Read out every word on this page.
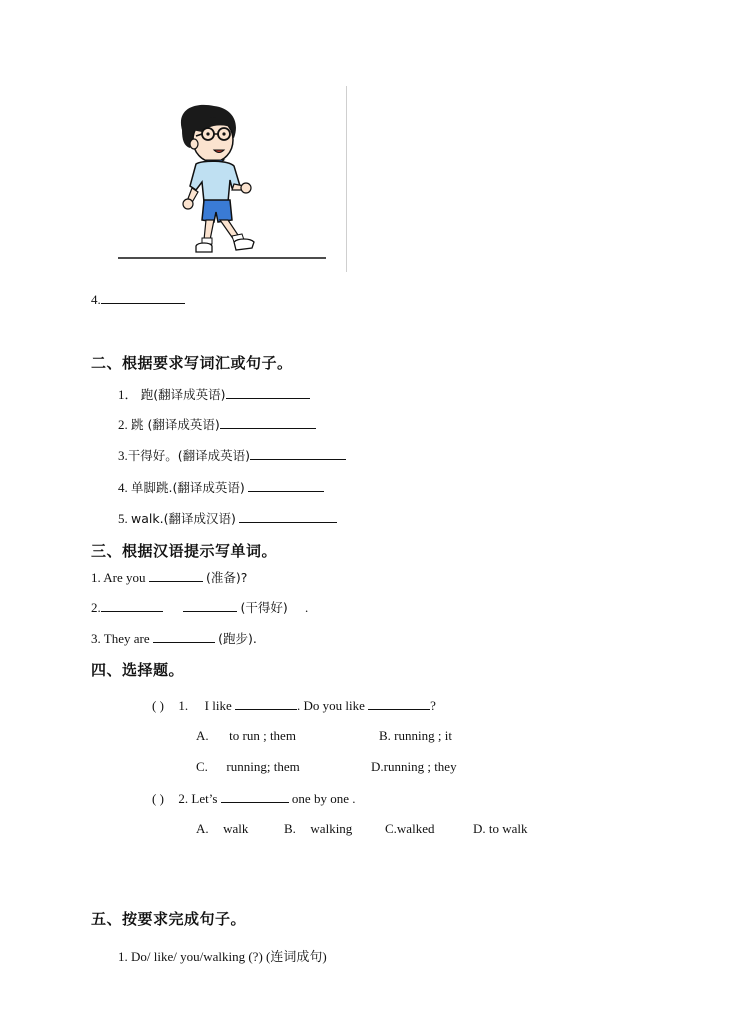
4.
二、根据要求写词汇或句子。
1． 跑(翻译成英语)
2. 跳 (翻译成英语)
3.干得好。(翻译成英语)
4. 单脚跳.(翻译成英语)
5. walk.(翻译成汉语)
三、根据汉语提示写单词。
1. Are you	(准备)?
2.	(干得好) .
3. They are	(跑步).
四、选择题。
( ) 1. I like	. Do you like	?
A. to run ; them	B. running ; it
C. running; them	D.running ; they
( ) 2. Let’s	one by one .
A. walk	B. walking	C.walked	D. to walk
五、按要求完成句子。
1. Do/ like/ you/walking (?) (连词成句)
